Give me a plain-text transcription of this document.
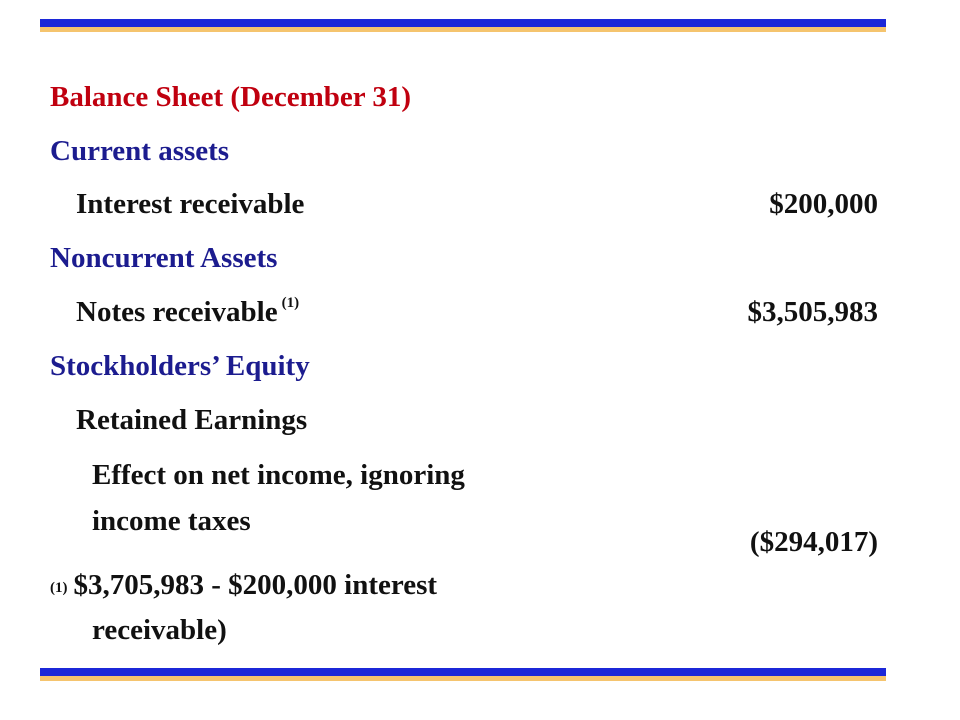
Balance Sheet (December 31)
Current assets
Interest receivable	$200,000
Noncurrent Assets
Notes receivable $^{(1)}$	$3,505,983
Stockholders’ Equity
Retained Earnings
Effect on net income, ignoring
income taxes
($294,017)
(1) $3,705,983 - $200,000 interest
receivable)
